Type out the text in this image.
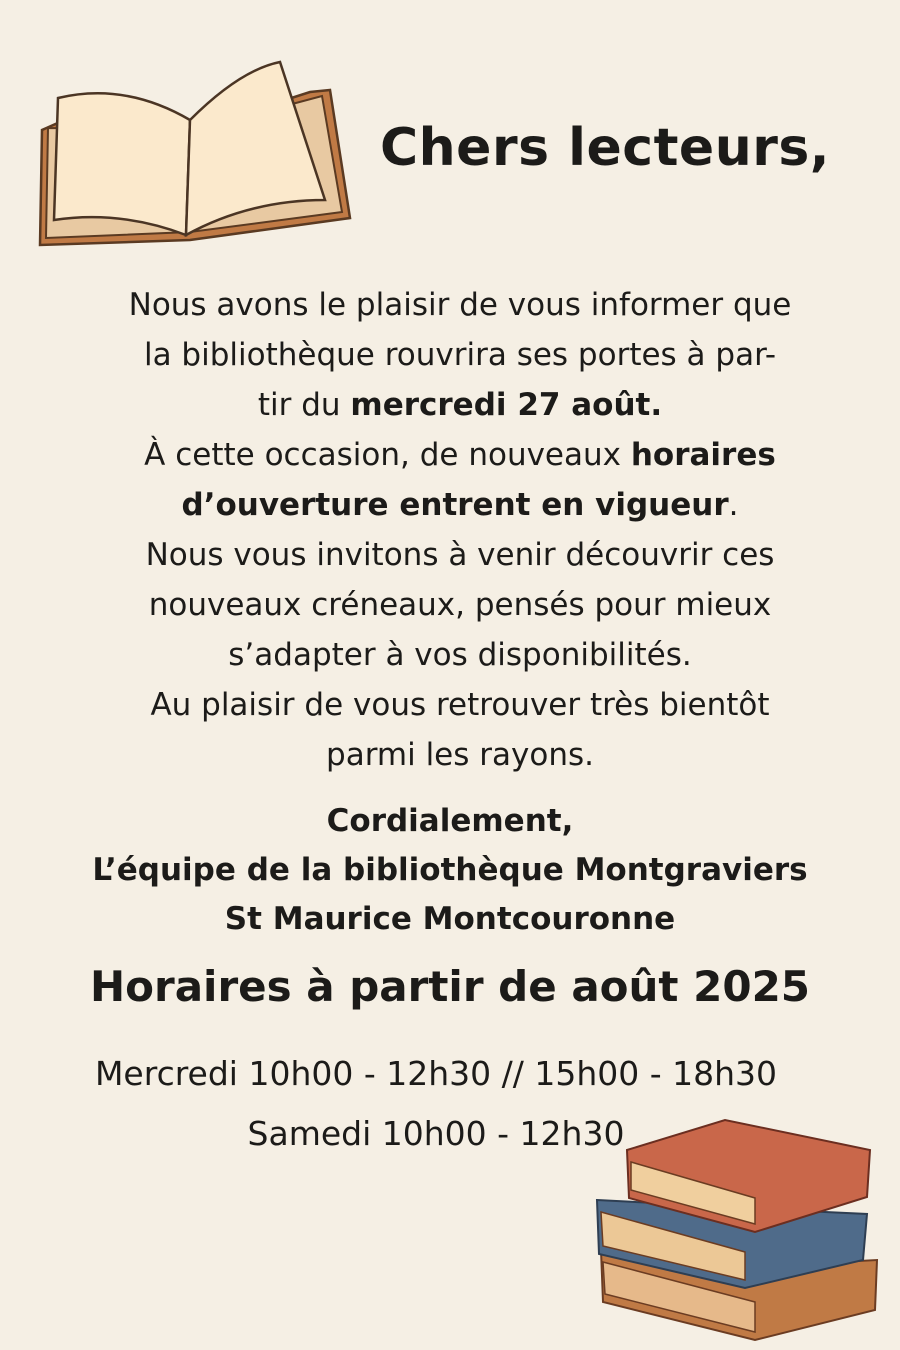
Chers lecteurs,
Nous avons le plaisir de vous informer que
la bibliothèque rouvrira ses portes à par-
tir du mercredi 27 août.
À cette occasion, de nouveaux horaires
d’ouverture entrent en vigueur.
Nous vous invitons à venir découvrir ces
nouveaux créneaux, pensés pour mieux
s’adapter à vos disponibilités.
Au plaisir de vous retrouver très bientôt
parmi les rayons.
Cordialement,
L’équipe de la bibliothèque Montgraviers
St Maurice Montcouronne
Horaires à partir de août 2025
Mercredi 10h00 - 12h30 // 15h00 - 18h30
Samedi 10h00 - 12h30
